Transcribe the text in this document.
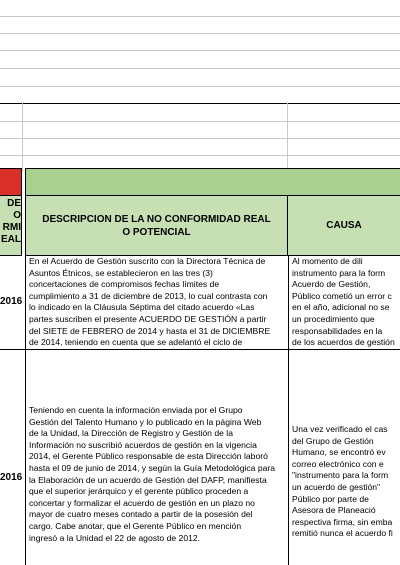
DE
O
RMI
EAL
DESCRIPCION DE LA NO CONFORMIDAD REAL O POTENCIAL
CAUSA
2016
En el Acuerdo de Gestión suscrito con la Directora Técnica de
Asuntos Étnicos, se establecieron en las tres (3)
concertaciones de compromisos fechas límites de
cumplimiento a 31 de diciembre de 2013, lo cual contrasta con
lo indicado en la Cláusula Séptima del citado acuerdo «Las
partes suscriben el presente ACUERDO DE GESTIÓN a partir
del SIETE de FEBRERO de 2014 y hasta el 31 de DICIEMBRE
de 2014, teniendo en cuenta que se adelantó el ciclo de
Al momento de dili
instrumento para la form
Acuerdo de Gestión,
Público cometió un error c
en el año, adicional no se
un procedimiento que
responsabilidades en la
de los acuerdos de gestión
2016
Teniendo en cuenta la información enviada por el Grupo
Gestión del Talento Humano y lo publicado en la página Web
de la Unidad, la Dirección de Registro y Gestión de la
Información no suscribió acuerdos de gestión en la vigencia
2014, el Gerente Público responsable de esta Dirección laboró
hasta el 09 de junio de 2014, y según la Guía Metodológica para
la Elaboración de un acuerdo de Gestión del DAFP, manifiesta
que el superior jerárquico y el gerente público proceden a
concertar y formalizar el acuerdo de gestión en un plazo no
mayor de cuatro meses contado a partir de la posesión del
cargo. Cabe anotar, que el Gerente Público en mención
ingresó a la Unidad el 22 de agosto de 2012.
Una vez verificado el cas
del Grupo de Gestión
Humano, se encontró ev
correo electrónico con e
"instrumento para la form
un acuerdo de gestión"
Público por parte de
Asesora de Planeació
respectiva firma, sin emba
remitió nunca el acuerdo fi
